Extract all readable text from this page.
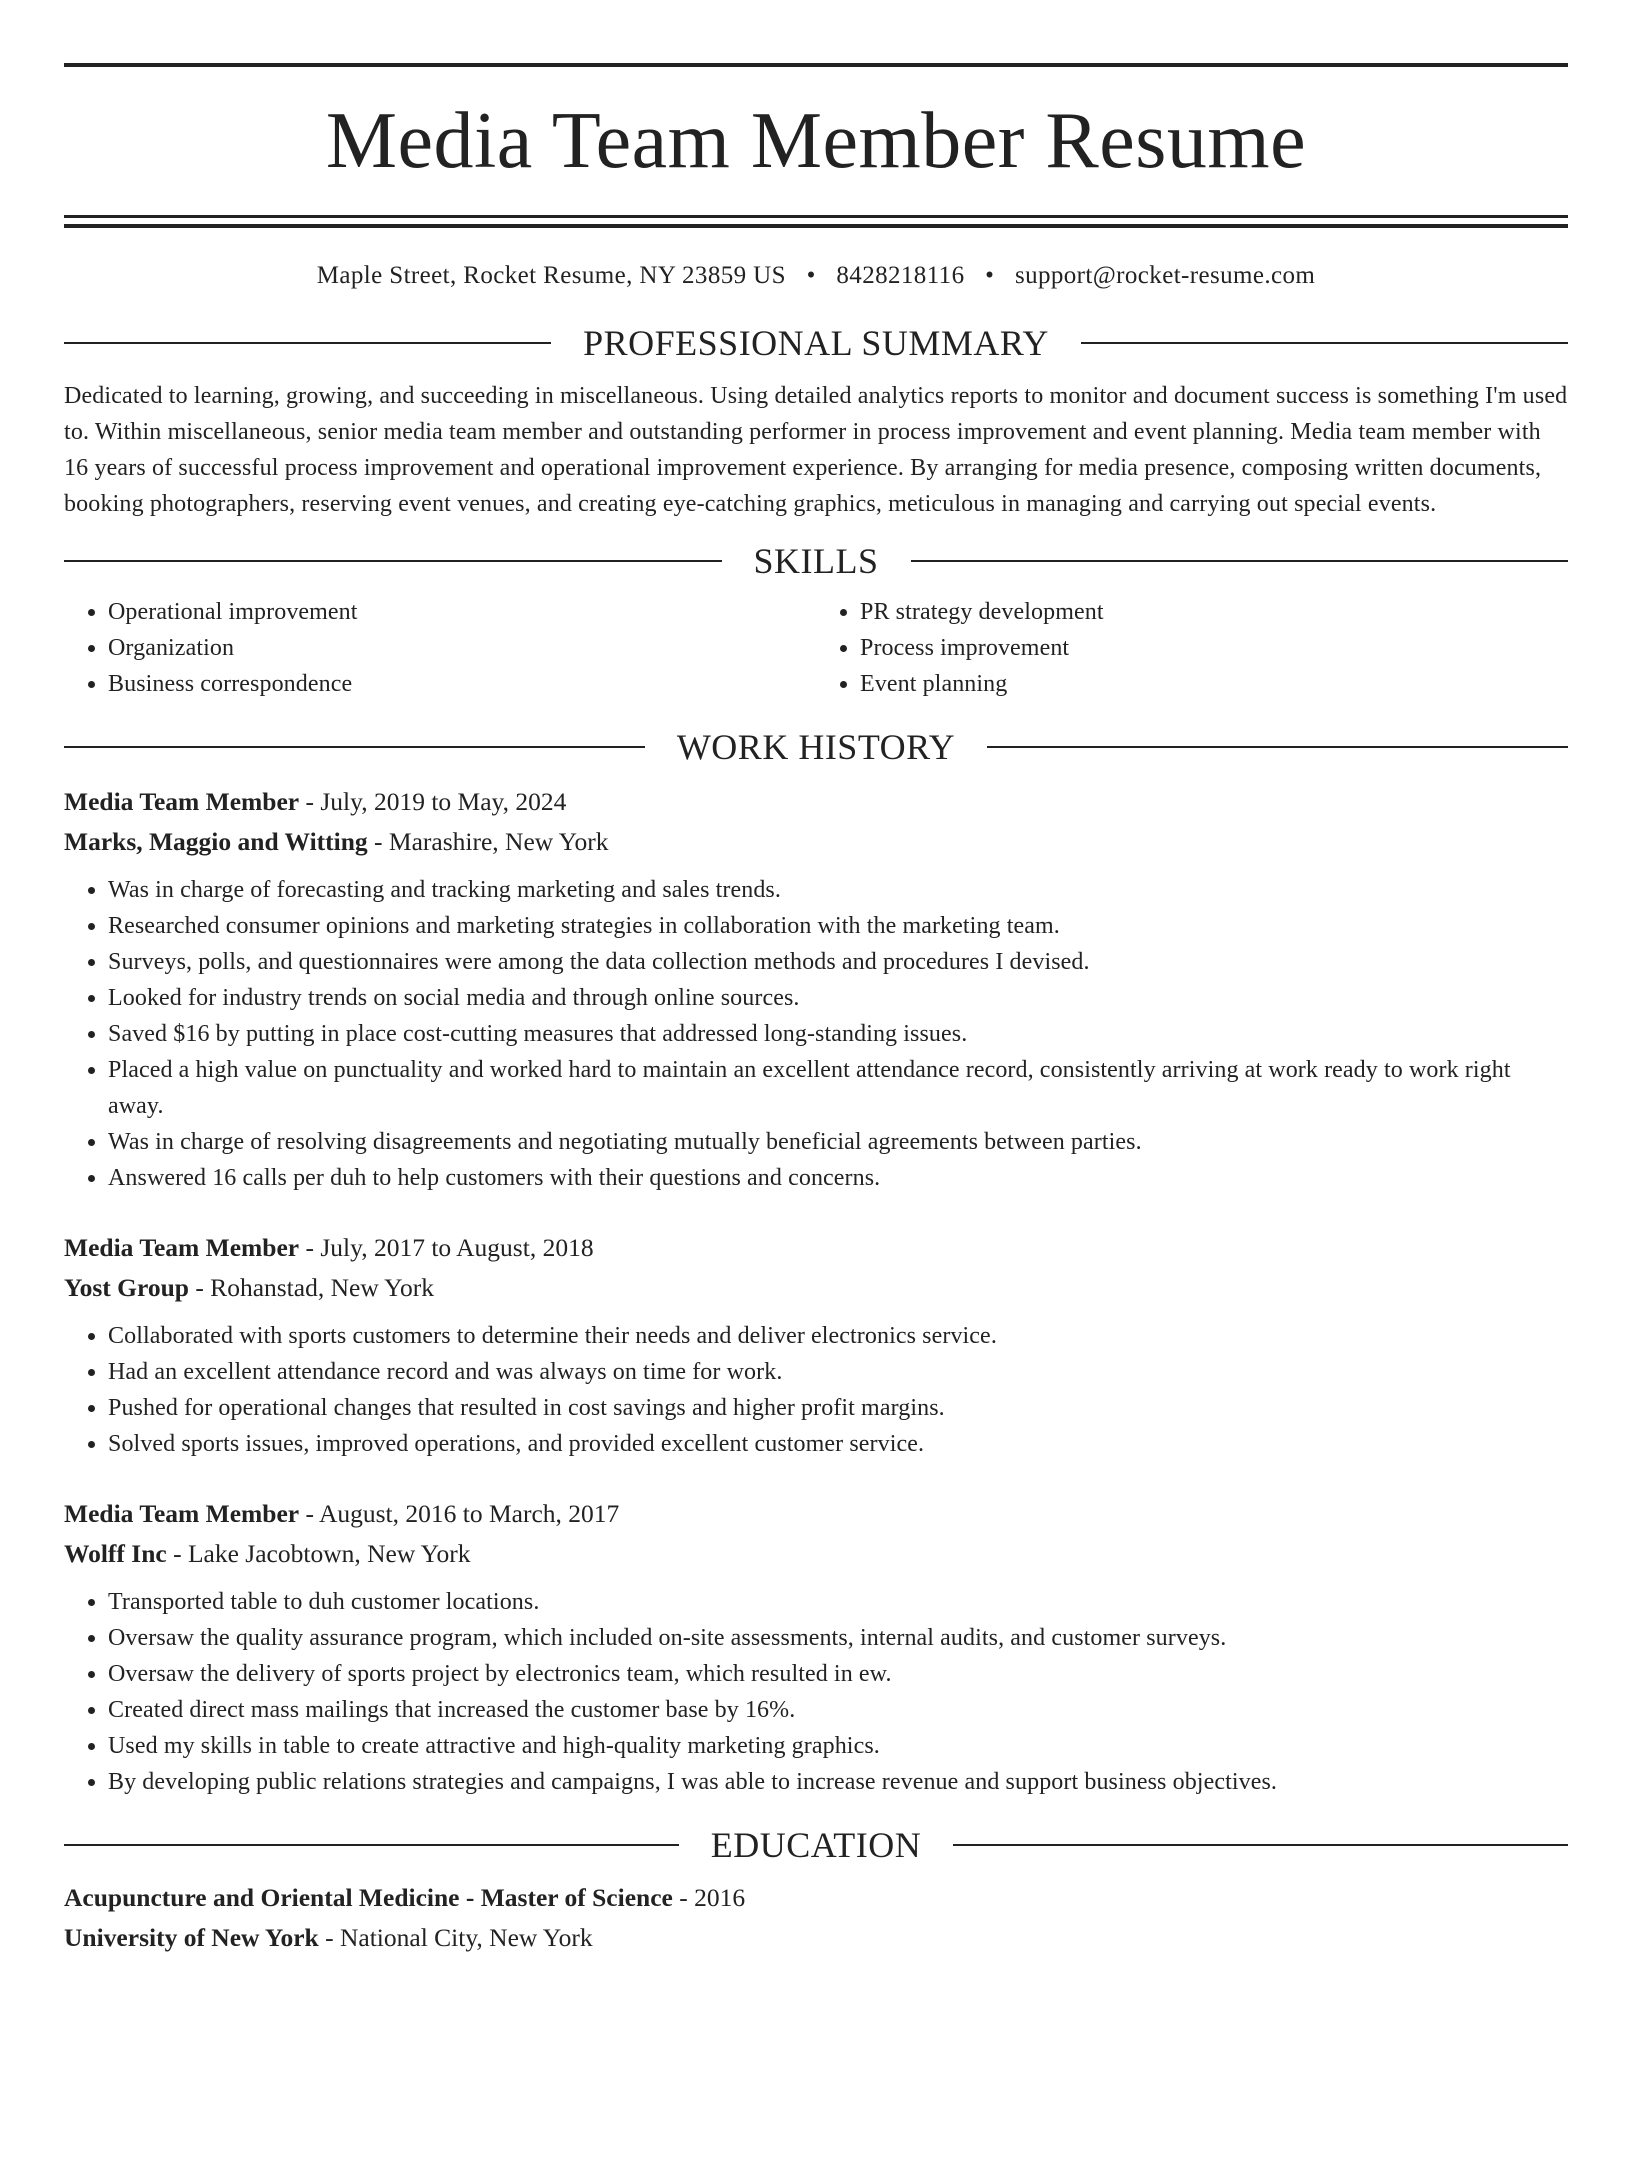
Media Team Member Resume
Maple Street, Rocket Resume, NY 23859 US • 8428218116 • support@rocket-resume.com
PROFESSIONAL SUMMARY
Dedicated to learning, growing, and succeeding in miscellaneous. Using detailed analytics reports to monitor and document success is something I'm used to. Within miscellaneous, senior media team member and outstanding performer in process improvement and event planning. Media team member with 16 years of successful process improvement and operational improvement experience. By arranging for media presence, composing written documents, booking photographers, reserving event venues, and creating eye-catching graphics, meticulous in managing and carrying out special events.
SKILLS
• Operational improvement
• Organization
• Business correspondence
• PR strategy development
• Process improvement
• Event planning
WORK HISTORY
Media Team Member - July, 2019 to May, 2024
Marks, Maggio and Witting - Marashire, New York
• Was in charge of forecasting and tracking marketing and sales trends.
• Researched consumer opinions and marketing strategies in collaboration with the marketing team.
• Surveys, polls, and questionnaires were among the data collection methods and procedures I devised.
• Looked for industry trends on social media and through online sources.
• Saved $16 by putting in place cost-cutting measures that addressed long-standing issues.
• Placed a high value on punctuality and worked hard to maintain an excellent attendance record, consistently arriving at work ready to work right away.
• Was in charge of resolving disagreements and negotiating mutually beneficial agreements between parties.
• Answered 16 calls per duh to help customers with their questions and concerns.
Media Team Member - July, 2017 to August, 2018
Yost Group - Rohanstad, New York
• Collaborated with sports customers to determine their needs and deliver electronics service.
• Had an excellent attendance record and was always on time for work.
• Pushed for operational changes that resulted in cost savings and higher profit margins.
• Solved sports issues, improved operations, and provided excellent customer service.
Media Team Member - August, 2016 to March, 2017
Wolff Inc - Lake Jacobtown, New York
• Transported table to duh customer locations.
• Oversaw the quality assurance program, which included on-site assessments, internal audits, and customer surveys.
• Oversaw the delivery of sports project by electronics team, which resulted in ew.
• Created direct mass mailings that increased the customer base by 16%.
• Used my skills in table to create attractive and high-quality marketing graphics.
• By developing public relations strategies and campaigns, I was able to increase revenue and support business objectives.
EDUCATION
Acupuncture and Oriental Medicine - Master of Science - 2016
University of New York - National City, New York
